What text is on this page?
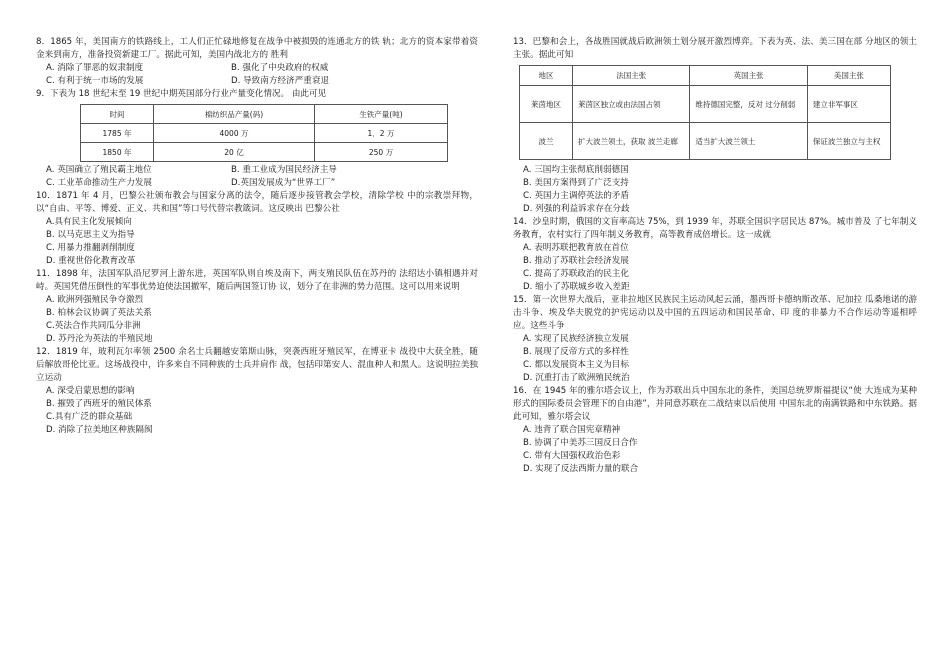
8．1865 年，美国南方的铁路线上，工人们正忙碌地修复在战争中被损毁的连通北方的铁 轨；北方的资本家带着资金来到南方，准备投资新建工厂。据此可知，美国内战北方的 胜利

A. 消除了罪恶的奴隶制度	B. 强化了中央政府的权威
C. 有利于统一市场的发展	D. 导致南方经济严重衰退

9．下表为 18 世纪末至 19 世纪中期英国部分行业产量变化情况。 由此可见

时间	棉纺织品产量(码)	生铁产量(吨)
1785 年	4000 万	1．2 万
1850 年	20 亿	250 万
A. 英国确立了殖民霸主地位	B. 重工业成为国民经济主导
C. 工业革命推动生产力发展	D.英国发展成为“世界工厂”

10．1871 年 4 月，巴黎公社颁布教会与国家分离的法令，随后逐步接管教会学校，清除学校 中的宗教崇拜物，以“自由、平等、博爱、正义、共和国”等口号代替宗教箴词。这反映出 巴黎公社

A.具有民主化发展倾向

B. 以马克思主义为指导

C. 用暴力推翻剥削制度

D. 重视世俗化教育改革

11．1898 年，法国军队沿尼罗河上游东进，英国军队则自埃及南下，两支殖民队伍在苏丹的 法绍达小镇相遇并对峙。英国凭借压倒性的军事优势迫使法国撤军，随后两国签订协 议，划分了在非洲的势力范围。这可以用来说明

A. 欧洲列强殖民争夺激烈

B. 柏林会议协调了英法关系

C.英法合作共同瓜分非洲

D. 苏丹沦为英法的半殖民地

12．1819 年，玻利瓦尔率领 2500 余名士兵翻越安第斯山脉，突袭西班牙殖民军，在博亚卡 战役中大获全胜，随后解放哥伦比亚。这场战役中，许多来自不同种族的士兵并肩作 战，包括印第安人、混血种人和黑人。这说明拉美独立运动

A. 深受启蒙思想的影响

B. 摧毁了西班牙的殖民体系

C.具有广泛的群众基础

D. 消除了拉美地区种族隔阂

13．巴黎和会上，各战胜国就战后欧洲领土划分展开激烈博弈。下表为英、法、美三国在部 分地区的领土主张。据此可知

地区	法国主张	英国主张	美国主张
莱茵地区	莱茵区独立或由法国占领	维持德国完整，反对 过分削弱	建立非军事区
波兰	扩大波兰领土，获取 波兰走廊	适当扩大波兰领土	保证波兰独立与主权

A. 三国均主张彻底削弱德国

B. 美国方案得到了广泛支持

C. 英国力主调停英法的矛盾

D. 列强的利益诉求存在分歧

14．沙皇时期，俄国的文盲率高达 75%，到 1939 年，苏联全国识字居民达 87%。城市普及 了七年制义务教育，农村实行了四年制义务教育，高等教育成倍增长。这一成就

A. 表明苏联把教育放在首位

B. 推动了苏联社会经济发展

C. 提高了苏联政治的民主化

D. 缩小了苏联城乡收入差距

15．第一次世界大战后，亚非拉地区民族民主运动风起云涌，墨西哥卡德纳斯改革、尼加拉 瓜桑地诺的游击斗争、埃及华夫脱党的护宪运动以及中国的五四运动和国民革命、印 度的非暴力不合作运动等遥相呼应。这些斗争

A. 实现了民族经济独立发展

B. 展现了反帝方式的多样性

C. 都以发展资本主义为目标

D. 沉重打击了欧洲殖民统治

16．在 1945 年的雅尔塔会议上，作为苏联出兵中国东北的条件，美国总统罗斯福提议“使 大连成为某种形式的国际委员会管理下的自由港”，并同意苏联在二战结束以后使用 中国东北的南满铁路和中东铁路。据此可知，雅尔塔会议

A. 违背了联合国宪章精神

B. 协调了中美苏三国反日合作

C. 带有大国强权政治色彩

D. 实现了反法西斯力量的联合
